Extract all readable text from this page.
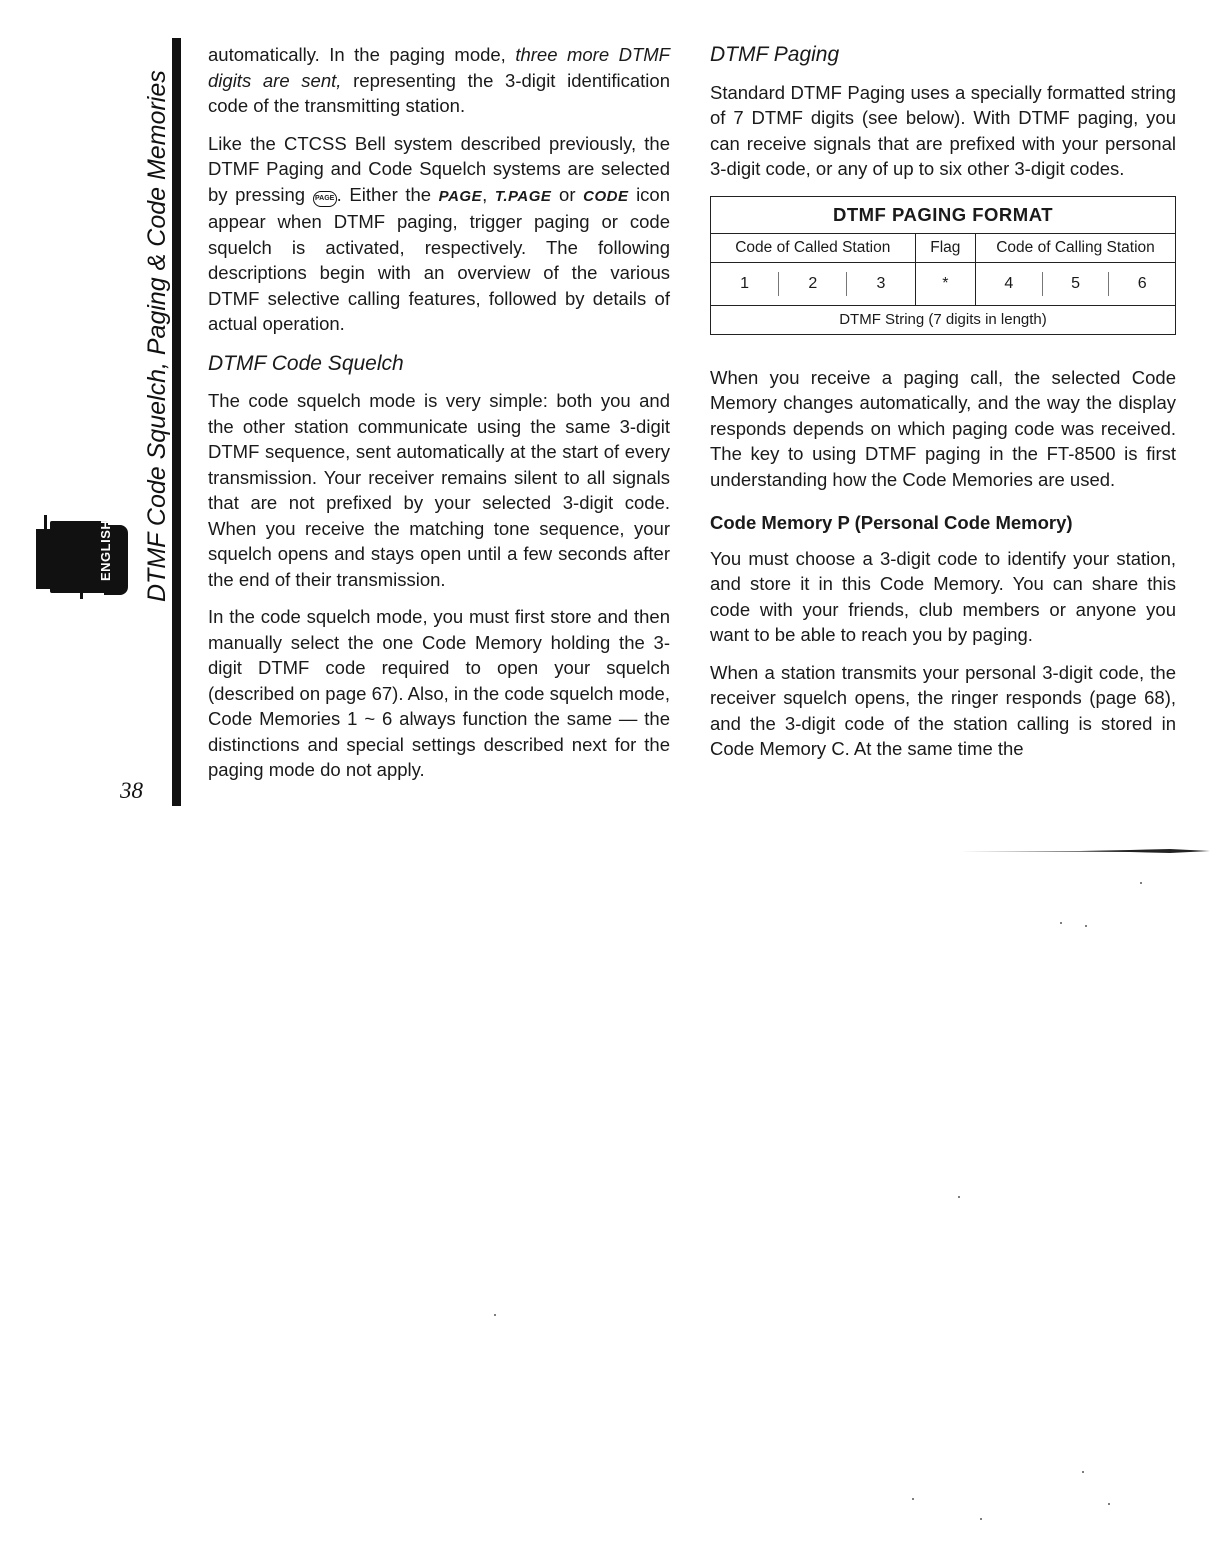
DTMF Code Squelch, Paging & Code Memories
38
ENGLISH

automatically. In the paging mode, three more DTMF digits are sent, representing the 3-digit identification code of the transmitting station.

Like the CTCSS Bell system described previously, the DTMF Paging and Code Squelch systems are selected by pressing PAGE . Either the PAGE, T.PAGE or CODE icon appear when DTMF paging, trigger paging or code squelch is activated, respectively. The following descriptions begin with an overview of the various DTMF selective calling features, followed by details of actual operation.

DTMF Code Squelch

The code squelch mode is very simple: both you and the other station communicate using the same 3-digit DTMF sequence, sent automatically at the start of every transmission. Your receiver remains silent to all signals that are not prefixed by your selected 3-digit code. When you receive the matching tone sequence, your squelch opens and stays open until a few seconds after the end of their transmission.

In the code squelch mode, you must first store and then manually select the one Code Memory holding the 3-digit DTMF code required to open your squelch (described on page 67). Also, in the code squelch mode, Code Memories 1 ~ 6 always function the same — the distinctions and special settings described next for the paging mode do not apply.

DTMF Paging

Standard DTMF Paging uses a specially formatted string of 7 DTMF digits (see below). With DTMF paging, you can receive signals that are prefixed with your personal 3-digit code, or any of up to six other 3-digit codes.

DTMF PAGING FORMAT		
Code of Called Station	Flag	Code of Calling Station

1 2 3	*	4 5 6

DTMF String (7 digits in length)		

When you receive a paging call, the selected Code Memory changes automatically, and the way the display responds depends on which paging code was received. The key to using DTMF paging in the FT-8500 is first understanding how the Code Memories are used.

Code Memory P (Personal Code Memory)

You must choose a 3-digit code to identify your station, and store it in this Code Memory. You can share this code with your friends, club members or anyone you want to be able to reach you by paging.

When a station transmits your personal 3-digit code, the receiver squelch opens, the ringer responds (page 68), and the 3-digit code of the station calling is stored in Code Memory C. At the same time the
